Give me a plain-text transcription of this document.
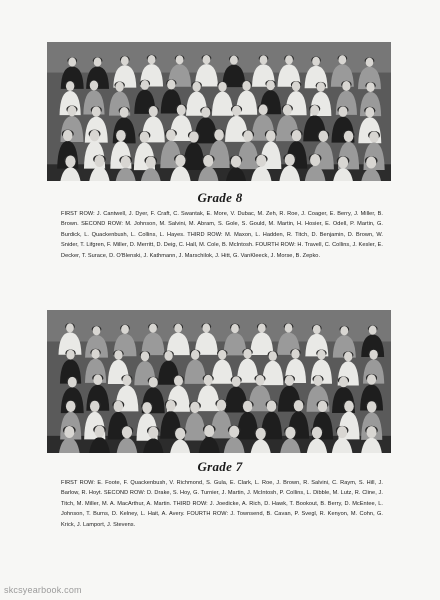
Grade 8

FIRST ROW: J. Cantwell, J. Dyer, F. Craft, C. Swantak, E. More, V. Dubac, M. Zeh, R. Roe, J. Coager, E. Berry, J. Miller, B. Brown. SECOND ROW: M. Johnson, M. Salvini, M. Abram, S. Gole, S. Gould, M. Martin, H. Hosier, E. Odell, P. Martin, G. Burdick, L. Quackenbush, L. Collins, L. Hayes. THIRD ROW: M. Maxon, L. Hadden, R. Titch, D. Benjamin, D. Brown, W. Snider, T. Lifgren, F. Miller, D. Merritt, D. Deig, C. Hall, M. Cole, B. McIntosh. FOURTH ROW: H. Travell, C. Collins, J. Kesler, E. Decker, T. Surace, D. O'Blenski, J. Kathmann, J. Marschilok, J. Hitt, G. VanKleeck, J. Morse, B. Zepko.

Grade 7

FIRST ROW: E. Foote, F. Quackenbush, V. Richmond, S. Gula, E. Clark, L. Roe, J. Brown, R. Salvini, C. Raym, S. Hill, J. Barlow, R. Hoyt. SECOND ROW: D. Drake, S. Hoy, G. Turnier, J. Martin, J. McIntosh, P. Collins, L. Dibble, M. Lutz, R. Cline, J. Titch, M. Miller, M. A. MacArthur, A. Martin. THIRD ROW: J. Joedicke, A. Rich, D. Hawk, T. Bookout, B. Berry, D. McEntee, L. Johnson, T. Burns, D. Kelney, L. Hait, A. Avery. FOURTH ROW: J. Townsend, B. Cavan, P. Svegl, R. Kenyon, M. Cohn, G. Krick, J. Lamport, J. Stevens.

skcsyearbook.com
